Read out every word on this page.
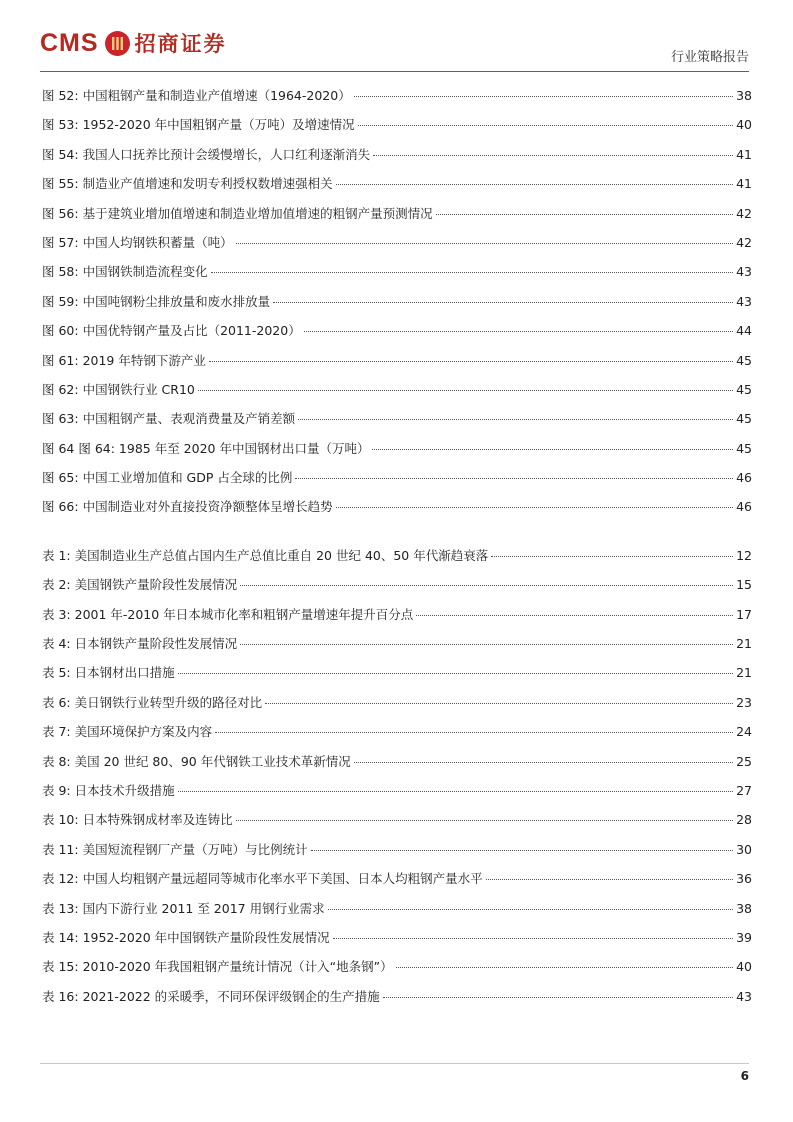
CMS 招商证券
行业策略报告
图 52: 中国粗钢产量和制造业产值增速（1964-2020）	38
图 53: 1952-2020 年中国粗钢产量（万吨）及增速情况	40
图 54: 我国人口抚养比预计会缓慢增长，人口红利逐渐消失	41
图 55: 制造业产值增速和发明专利授权数增速强相关	41
图 56: 基于建筑业增加值增速和制造业增加值增速的粗钢产量预测情况	42
图 57: 中国人均钢铁积蓄量（吨）	42
图 58: 中国钢铁制造流程变化	43
图 59: 中国吨钢粉尘排放量和废水排放量	43
图 60: 中国优特钢产量及占比（2011-2020）	44
图 61: 2019 年特钢下游产业	45
图 62: 中国钢铁行业 CR10	45
图 63: 中国粗钢产量、表观消费量及产销差额	45
图 64 图 64: 1985 年至 2020 年中国钢材出口量（万吨）	45
图 65: 中国工业增加值和 GDP 占全球的比例	46
图 66: 中国制造业对外直接投资净额整体呈增长趋势	46
表 1: 美国制造业生产总值占国内生产总值比重自 20 世纪 40、50 年代渐趋衰落	12
表 2: 美国钢铁产量阶段性发展情况	15
表 3: 2001 年-2010 年日本城市化率和粗钢产量增速年提升百分点	17
表 4: 日本钢铁产量阶段性发展情况	21
表 5: 日本钢材出口措施	21
表 6: 美日钢铁行业转型升级的路径对比	23
表 7: 美国环境保护方案及内容	24
表 8: 美国 20 世纪 80、90 年代钢铁工业技术革新情况	25
表 9: 日本技术升级措施	27
表 10: 日本特殊钢成材率及连铸比	28
表 11: 美国短流程钢厂产量（万吨）与比例统计	30
表 12: 中国人均粗钢产量远超同等城市化率水平下美国、日本人均粗钢产量水平	36
表 13: 国内下游行业 2011 至 2017 用钢行业需求	38
表 14: 1952-2020 年中国钢铁产量阶段性发展情况	39
表 15: 2010-2020 年我国粗钢产量统计情况（计入“地条钢”）	40
表 16: 2021-2022 的采暖季，不同环保评级钢企的生产措施	43
6
